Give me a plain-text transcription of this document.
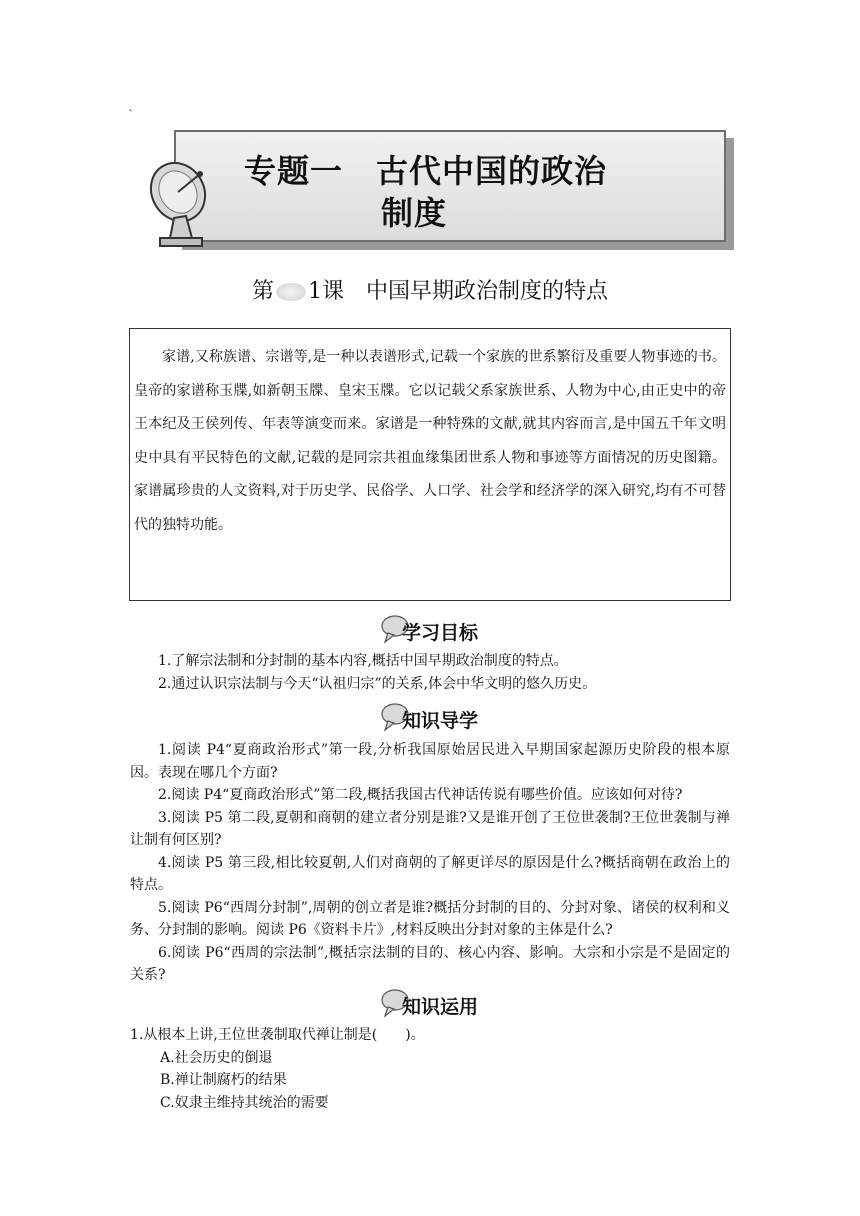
`
专题一　古代中国的政治
制度
第 1课　中国早期政治制度的特点

家谱,又称族谱、宗谱等,是一种以表谱形式,记载一个家族的世系繁衍及重要人物事迹的书。皇帝的家谱称玉牒,如新朝玉牒、皇宋玉牒。它以记载父系家族世系、人物为中心,由正史中的帝王本纪及王侯列传、年表等演变而来。家谱是一种特殊的文献,就其内容而言,是中国五千年文明史中具有平民特色的文献,记载的是同宗共祖血缘集团世系人物和事迹等方面情况的历史图籍。家谱属珍贵的人文资料,对于历史学、民俗学、人口学、社会学和经济学的深入研究,均有不可替代的独特功能。

学习目标

1.了解宗法制和分封制的基本内容,概括中国早期政治制度的特点。

2.通过认识宗法制与今天“认祖归宗”的关系,体会中华文明的悠久历史。

知识导学

1.阅读 P4“夏商政治形式”第一段,分析我国原始居民进入早期国家起源历史阶段的根本原因。表现在哪几个方面?

2.阅读 P4“夏商政治形式”第二段,概括我国古代神话传说有哪些价值。应该如何对待?

3.阅读 P5 第二段,夏朝和商朝的建立者分别是谁?又是谁开创了王位世袭制?王位世袭制与禅让制有何区别?

4.阅读 P5 第三段,相比较夏朝,人们对商朝的了解更详尽的原因是什么?概括商朝在政治上的特点。

5.阅读 P6“西周分封制”,周朝的创立者是谁?概括分封制的目的、分封对象、诸侯的权利和义务、分封制的影响。阅读 P6《资料卡片》,材料反映出分封对象的主体是什么?

6.阅读 P6“西周的宗法制”,概括宗法制的目的、核心内容、影响。大宗和小宗是不是固定的关系?

知识运用
1.从根本上讲,王位世袭制取代禅让制是(　　)。
A.社会历史的倒退
B.禅让制腐朽的结果
C.奴隶主维持其统治的需要
